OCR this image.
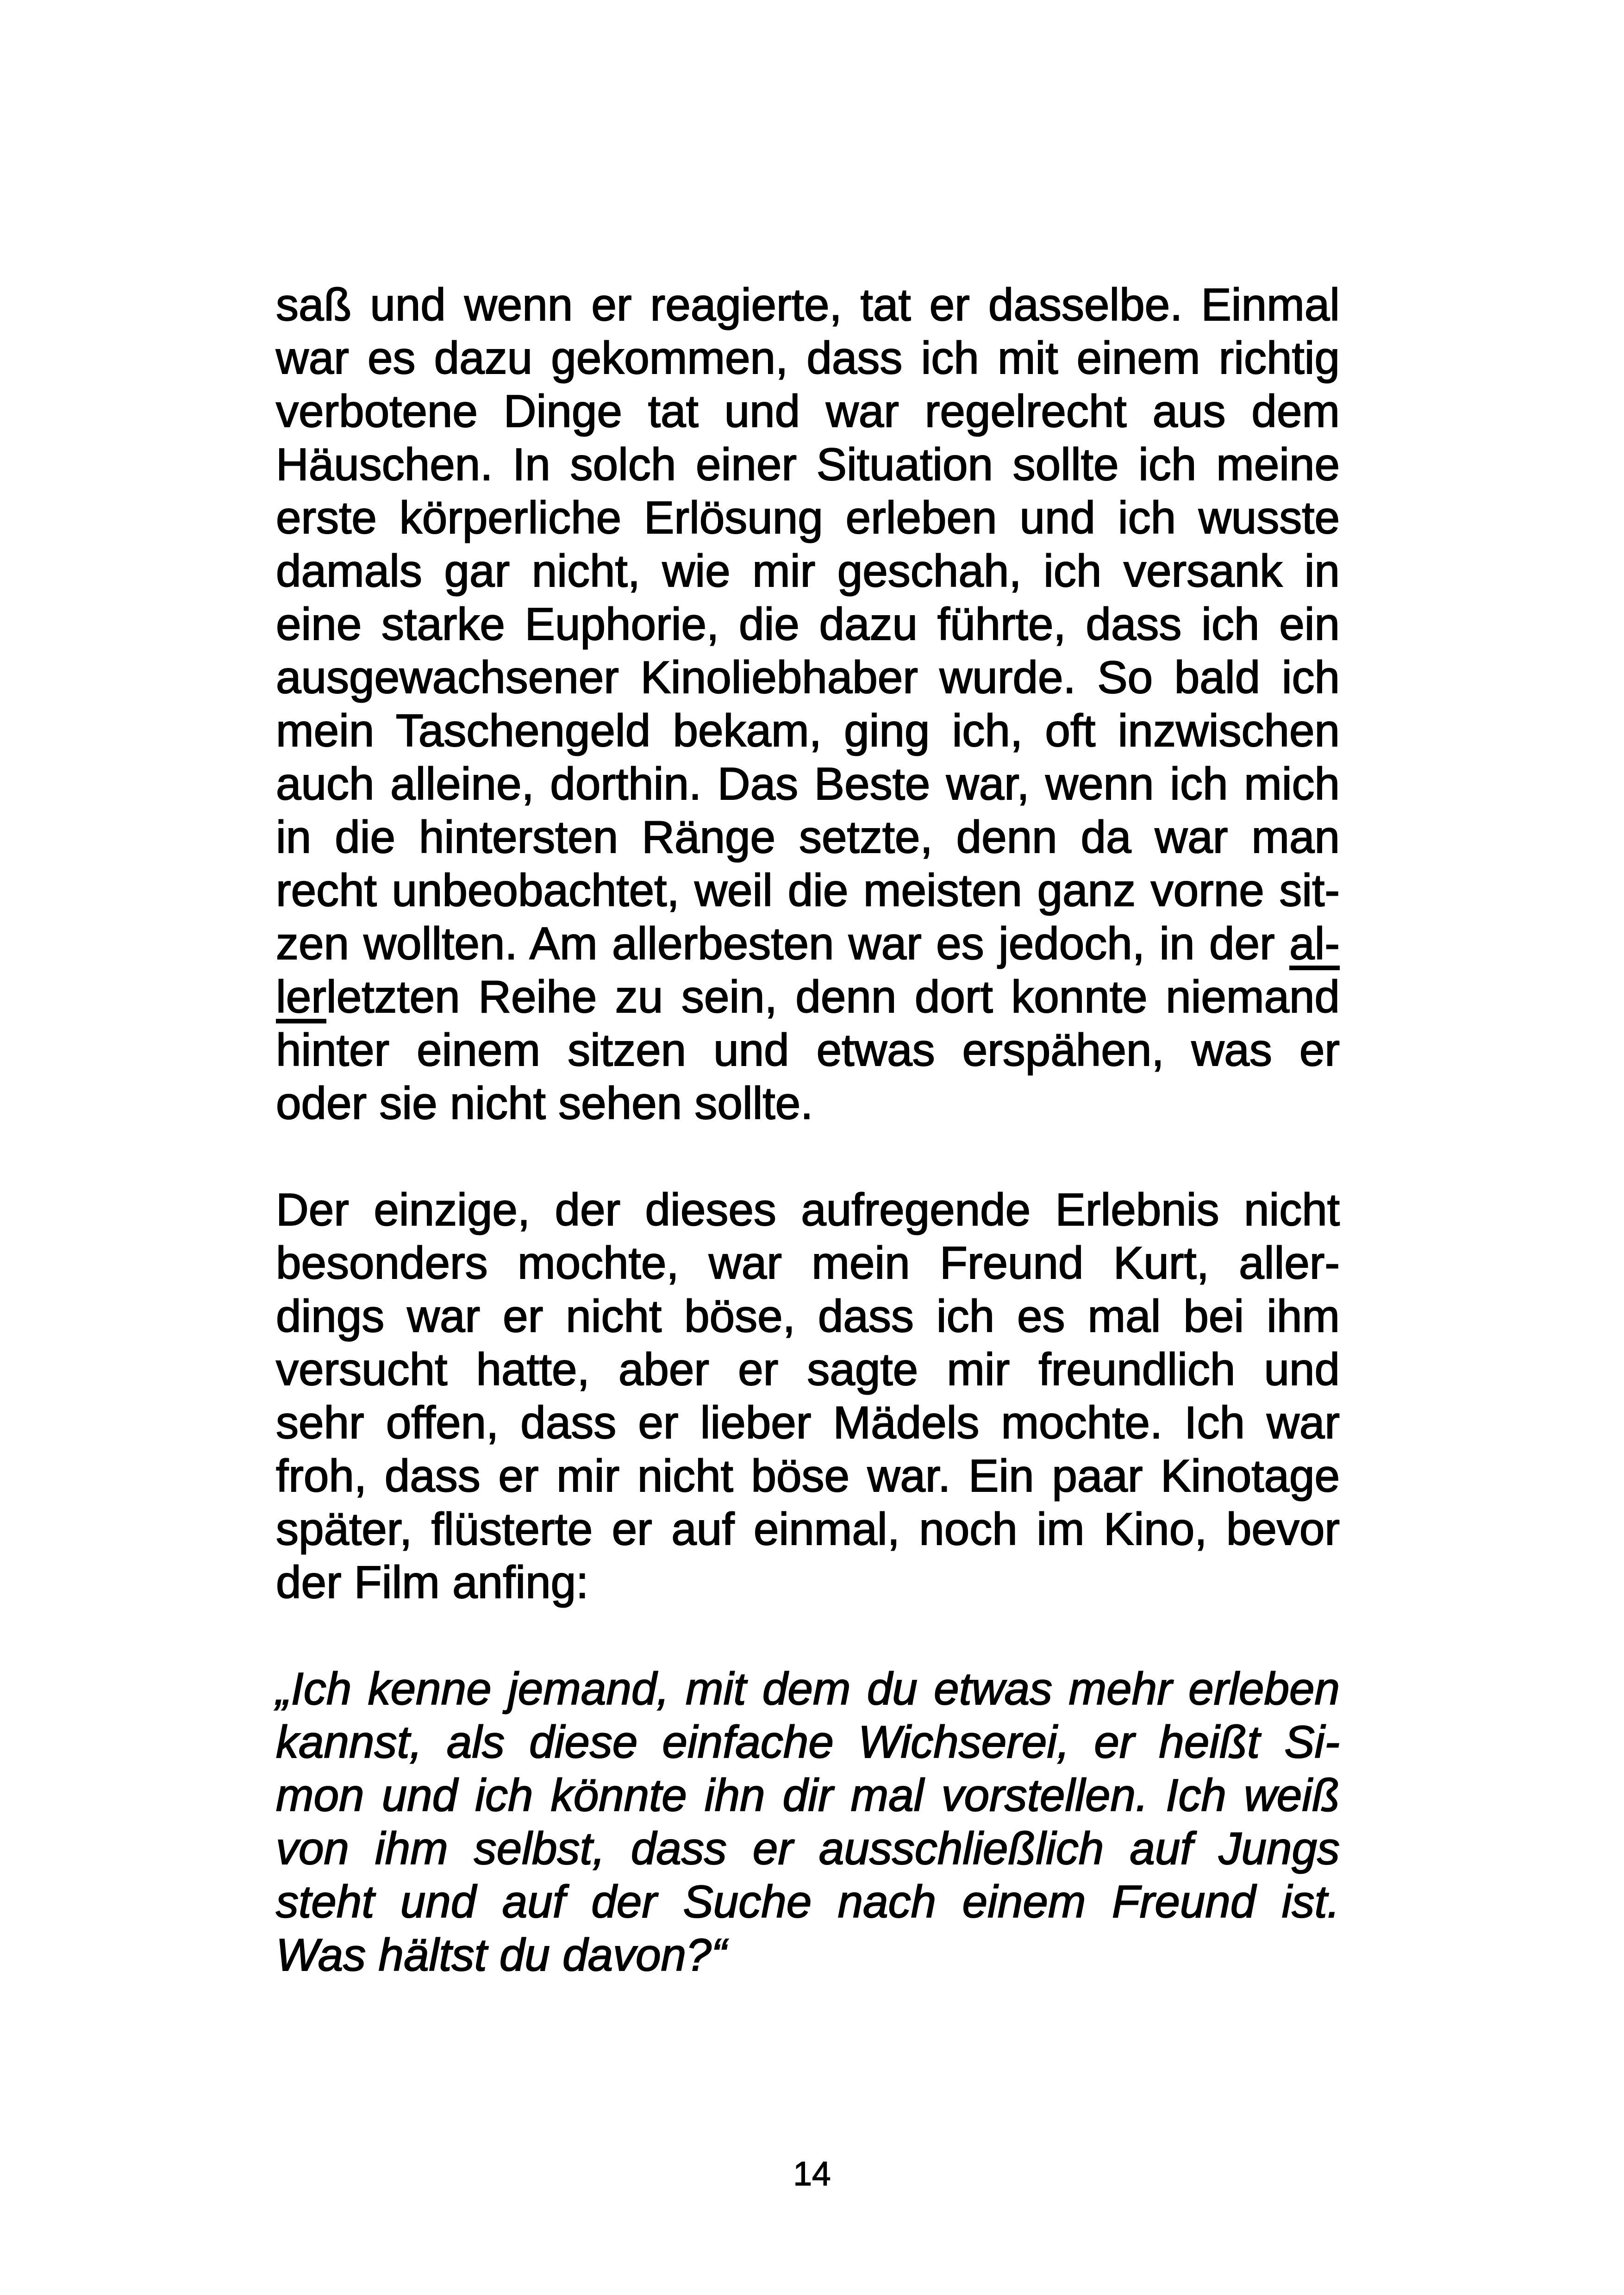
saß und wenn er reagierte, tat er dasselbe. Einmal
war es dazu gekommen, dass ich mit einem richtig
verbotene Dinge tat und war regelrecht aus dem
Häuschen. In solch einer Situation sollte ich meine
erste körperliche Erlösung erleben und ich wusste
damals gar nicht, wie mir geschah, ich versank in
eine starke Euphorie, die dazu führte, dass ich ein
ausgewachsener Kinoliebhaber wurde. So bald ich
mein Taschengeld bekam, ging ich, oft inzwischen
auch alleine, dorthin. Das Beste war, wenn ich mich
in die hintersten Ränge setzte, denn da war man
recht unbeobachtet, weil die meisten ganz vorne sit-
zen wollten. Am allerbesten war es jedoch, in der al-
lerletzten Reihe zu sein, denn dort konnte niemand
hinter einem sitzen und etwas erspähen, was er
oder sie nicht sehen sollte.
Der einzige, der dieses aufregende Erlebnis nicht
besonders mochte, war mein Freund Kurt, aller-
dings war er nicht böse, dass ich es mal bei ihm
versucht hatte, aber er sagte mir freundlich und
sehr offen, dass er lieber Mädels mochte. Ich war
froh, dass er mir nicht böse war. Ein paar Kinotage
später, flüsterte er auf einmal, noch im Kino, bevor
der Film anfing:
„Ich kenne jemand, mit dem du etwas mehr erleben
kannst, als diese einfache Wichserei, er heißt Si-
mon und ich könnte ihn dir mal vorstellen. Ich weiß
von ihm selbst, dass er ausschließlich auf Jungs
steht und auf der Suche nach einem Freund ist.
Was hältst du davon?“
14
